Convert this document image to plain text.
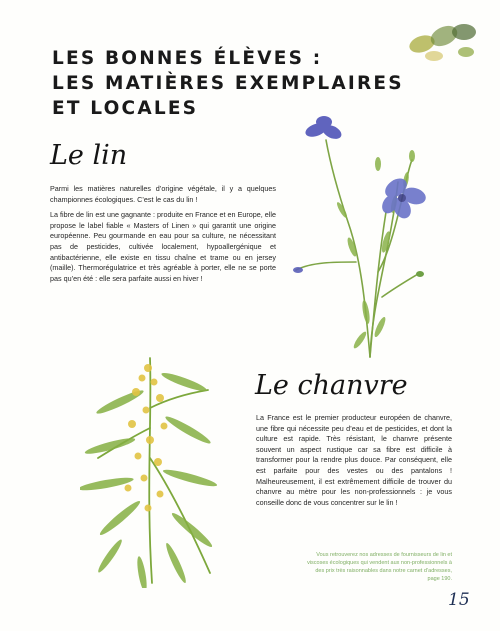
LES BONNES ÉLÈVES :
LES MATIÈRES EXEMPLAIRES
ET LOCALES
Le lin

Parmi les matières naturelles d’origine végétale, il y a quelques championnes écologiques. C’est le cas du lin !

La fibre de lin est une gagnante : produite en France et en Europe, elle propose le label fiable « Masters of Linen » qui garantit une origine européenne. Peu gourmande en eau pour sa culture, ne nécessitant pas de pesticides, cultivée localement, hypoallergénique et antibactérienne, elle existe en tissu chaîne et trame ou en jersey (maille). Thermorégulatrice et très agréable à porter, elle ne se porte pas qu’en été : elle sera parfaite aussi en hiver !

Le chanvre

La France est le premier producteur européen de chanvre, une fibre qui nécessite peu d’eau et de pesticides, et dont la culture est rapide. Très résistant, le chanvre présente souvent un aspect rustique car sa fibre est difficile à transformer pour la rendre plus douce. Par conséquent, elle est parfaite pour des vestes ou des pantalons ! Malheureusement, il est extrêmement difficile de trouver du chanvre au mètre pour les non-professionnels : je vous conseille donc de vous concentrer sur le lin !

Vous retrouverez nos adresses de fournisseurs de lin et viscoses écologiques qui vendent aux non-professionnels à des prix très raisonnables dans notre carnet d’adresses, page 190.
15
